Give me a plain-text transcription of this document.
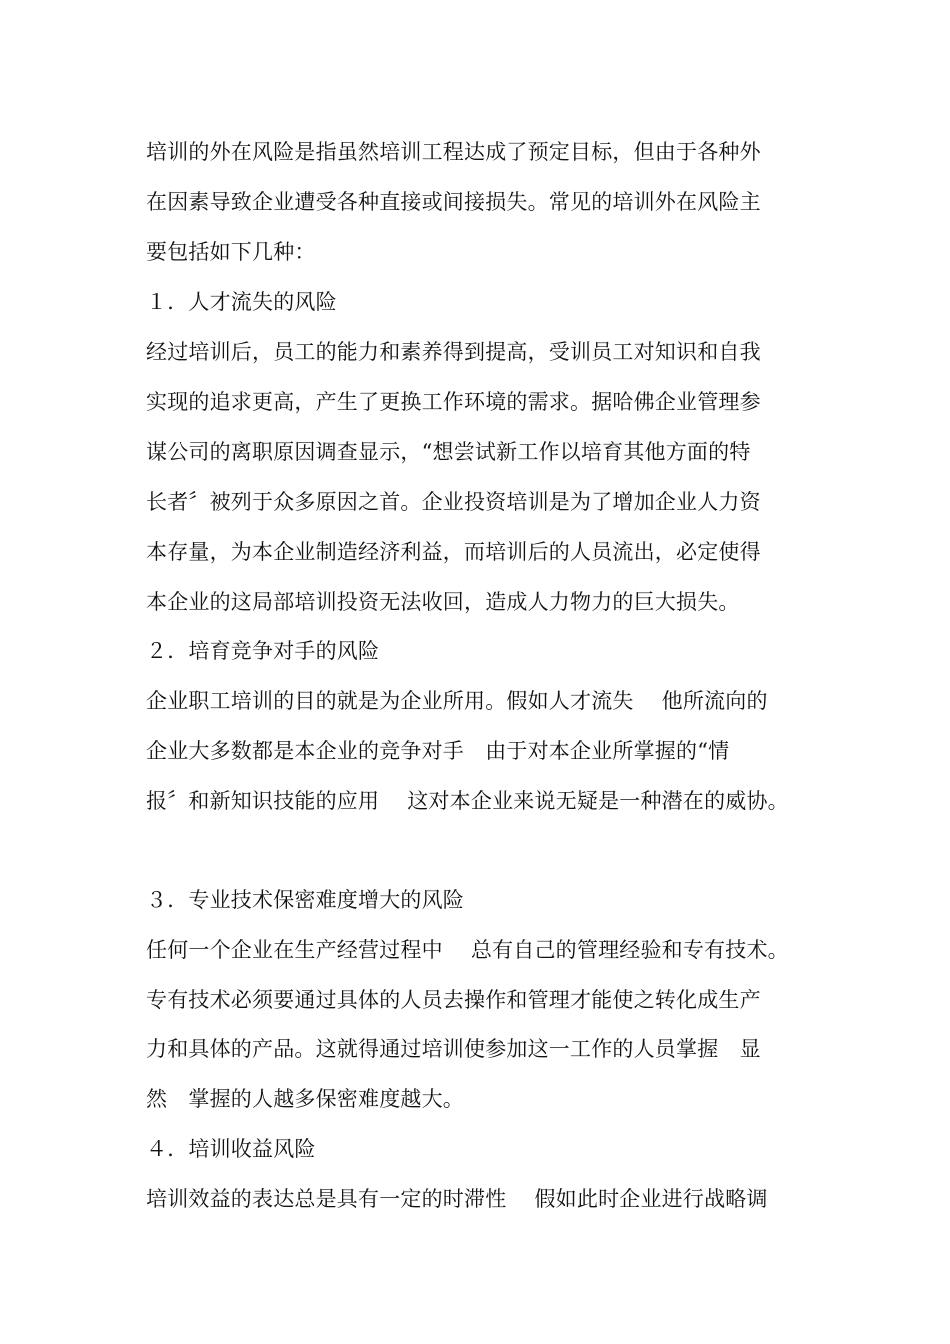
培训的外在风险是指虽然培训工程达成了预定目标，但由于各种外
在因素导致企业遭受各种直接或间接损失。常见的培训外在风险主
要包括如下几种：
１．人才流失的风险
经过培训后，员工的能力和素养得到提高，受训员工对知识和自我
实现的追求更高，产生了更换工作环境的需求。据哈佛企业管理参
谋公司的离职原因调查显示，“想尝试新工作以培育其他方面的特
长者〞被列于众多原因之首。企业投资培训是为了增加企业人力资
本存量，为本企业制造经济利益，而培训后的人员流出，必定使得
本企业的这局部培训投资无法收回，造成人力物力的巨大损失。
２．培育竞争对手的风险
企业职工培训的目的就是为企业所用。假如人才流失　 他所流向的
企业大多数都是本企业的竞争对手　由于对本企业所掌握的“情
报〞和新知识技能的应用　 这对本企业来说无疑是一种潜在的威协。
３．专业技术保密难度增大的风险
任何一个企业在生产经营过程中　 总有自己的管理经验和专有技术。
专有技术必须要通过具体的人员去操作和管理才能使之转化成生产
力和具体的产品。这就得通过培训使参加这一工作的人员掌握　显
然　掌握的人越多保密难度越大。
４．培训收益风险
培训效益的表达总是具有一定的时滞性　 假如此时企业进行战略调
